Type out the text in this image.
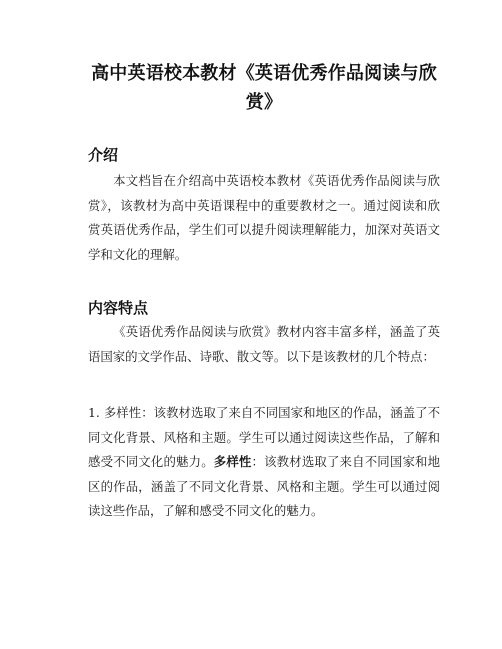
高中英语校本教材《英语优秀作品阅读与欣赏》
介绍

本文档旨在介绍高中英语校本教材《英语优秀作品阅读与欣赏》，该教材为高中英语课程中的重要教材之一。通过阅读和欣赏英语优秀作品，学生们可以提升阅读理解能力，加深对英语文学和文化的理解。

内容特点

《英语优秀作品阅读与欣赏》教材内容丰富多样，涵盖了英语国家的文学作品、诗歌、散文等。以下是该教材的几个特点：

1. 多样性：该教材选取了来自不同国家和地区的作品，涵盖了不同文化背景、风格和主题。学生可以通过阅读这些作品，了解和感受不同文化的魅力。多样性：该教材选取了来自不同国家和地区的作品，涵盖了不同文化背景、风格和主题。学生可以通过阅读这些作品，了解和感受不同文化的魅力。
